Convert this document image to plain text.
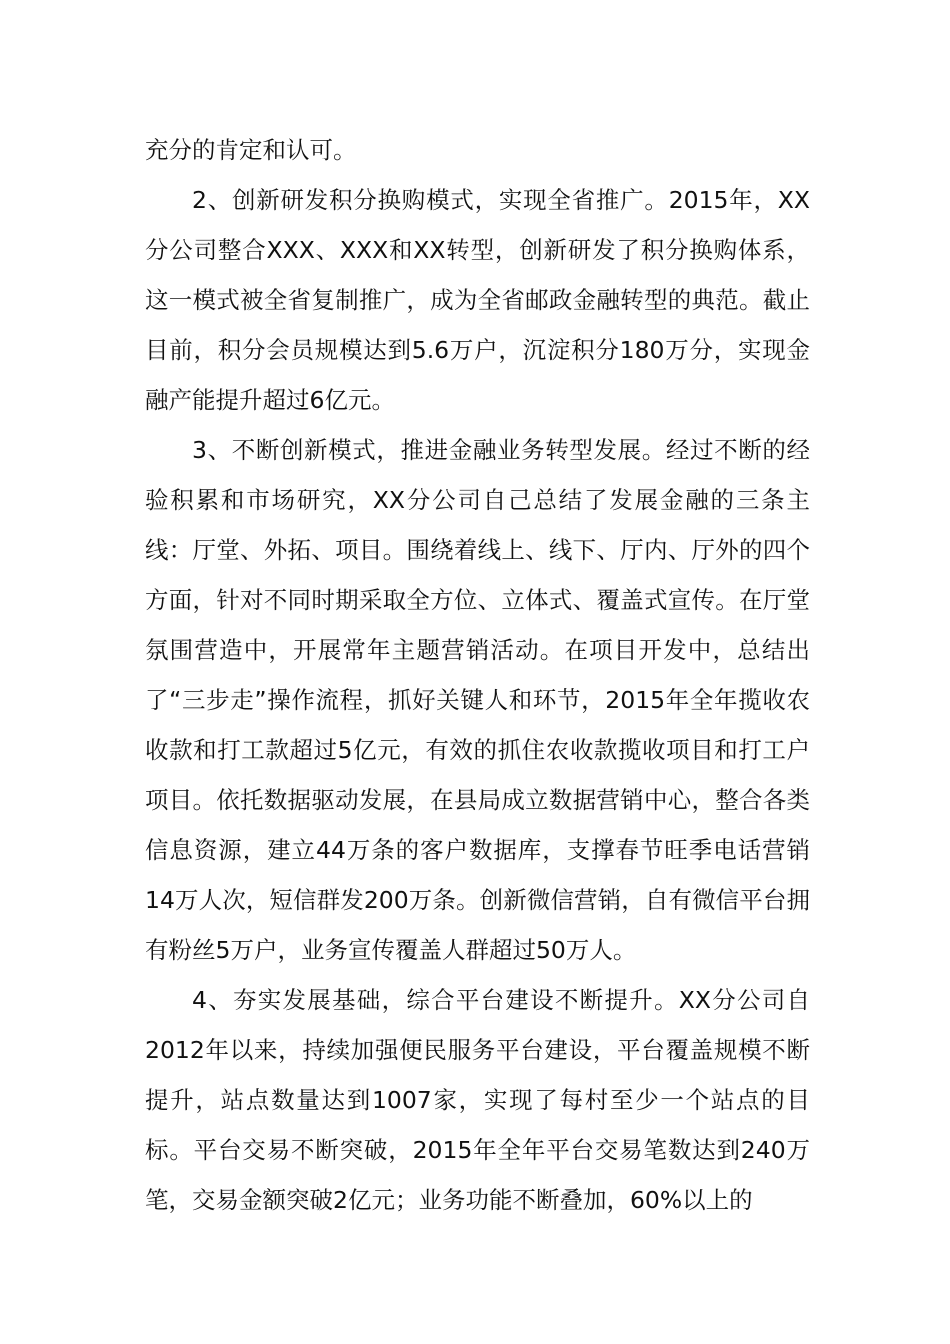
充分的肯定和认可。

2、创新研发积分换购模式，实现全省推广。2015年，XX分公司整合XXX、XXX和XX转型，创新研发了积分换购体系，这一模式被全省复制推广，成为全省邮政金融转型的典范。截止目前，积分会员规模达到5.6万户，沉淀积分180万分，实现金融产能提升超过6亿元。

3、不断创新模式，推进金融业务转型发展。经过不断的经验积累和市场研究，XX分公司自己总结了发展金融的三条主线：厅堂、外拓、项目。围绕着线上、线下、厅内、厅外的四个方面，针对不同时期采取全方位、立体式、覆盖式宣传。在厅堂氛围营造中，开展常年主题营销活动。在项目开发中，总结出了“三步走”操作流程，抓好关键人和环节，2015年全年揽收农收款和打工款超过5亿元，有效的抓住农收款揽收项目和打工户项目。依托数据驱动发展，在县局成立数据营销中心，整合各类信息资源，建立44万条的客户数据库，支撑春节旺季电话营销14万人次，短信群发200万条。创新微信营销，自有微信平台拥有粉丝5万户，业务宣传覆盖人群超过50万人。

4、夯实发展基础，综合平台建设不断提升。XX分公司自2012年以来，持续加强便民服务平台建设，平台覆盖规模不断提升，站点数量达到1007家，实现了每村至少一个站点的目标。平台交易不断突破，2015年全年平台交易笔数达到240万笔，交易金额突破2亿元；业务功能不断叠加，60%以上的
